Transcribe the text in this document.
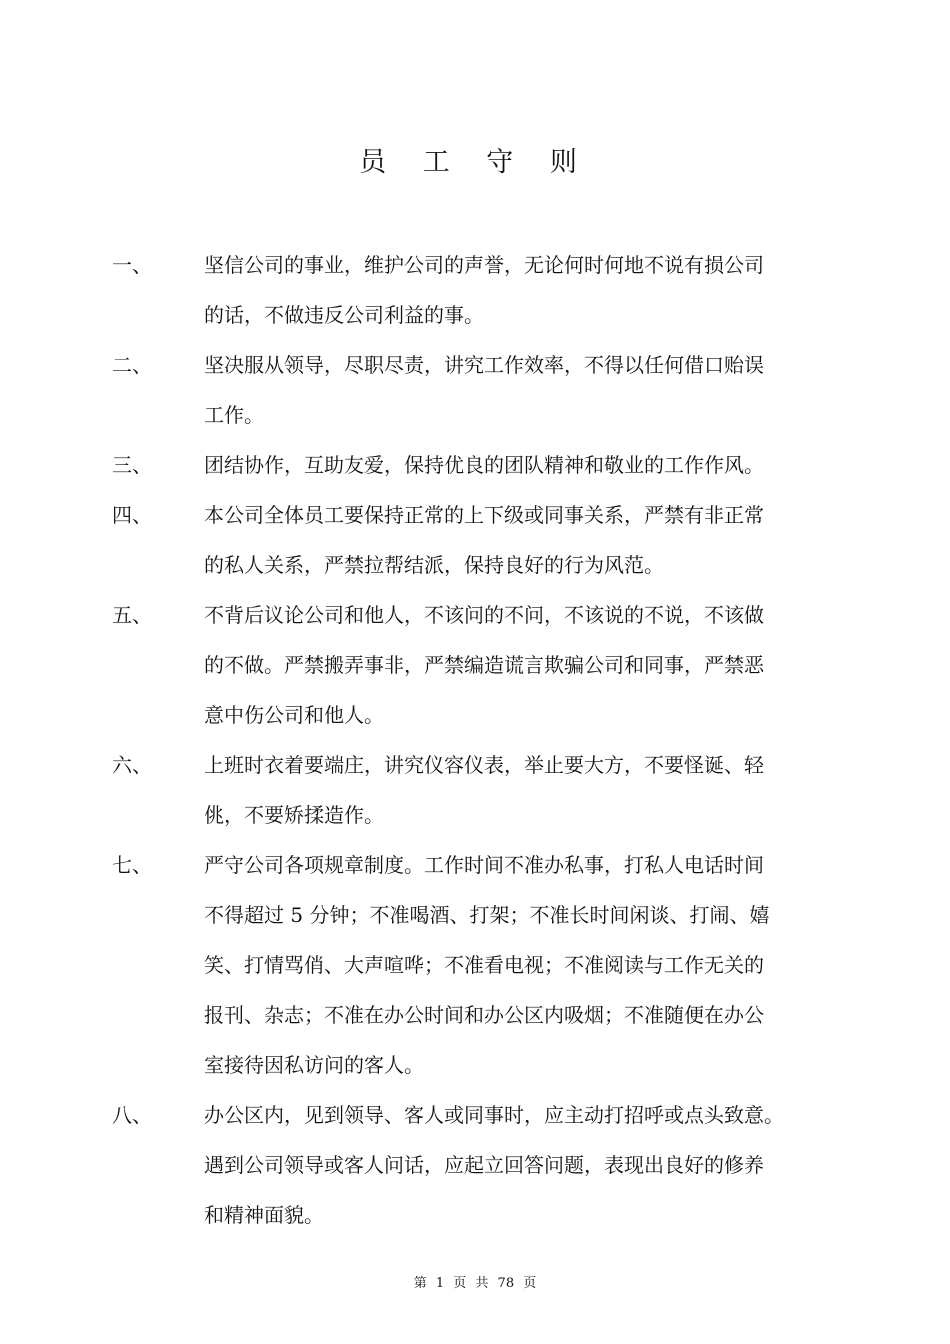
员 工 守 则
一、	坚信公司的事业，维护公司的声誉，无论何时何地不说有损公司
的话，不做违反公司利益的事。
二、	坚决服从领导，尽职尽责，讲究工作效率，不得以任何借口贻误
工作。
三、	团结协作，互助友爱，保持优良的团队精神和敬业的工作作风。
四、	本公司全体员工要保持正常的上下级或同事关系，严禁有非正常
的私人关系，严禁拉帮结派，保持良好的行为风范。
五、	不背后议论公司和他人，不该问的不问，不该说的不说，不该做
的不做。严禁搬弄事非，严禁编造谎言欺骗公司和同事，严禁恶
意中伤公司和他人。
六、	上班时衣着要端庄，讲究仪容仪表，举止要大方，不要怪诞、轻
佻，不要矫揉造作。
七、	严守公司各项规章制度。工作时间不准办私事，打私人电话时间
不得超过 5 分钟；不准喝酒、打架；不准长时间闲谈、打闹、嬉
笑、打情骂俏、大声喧哗；不准看电视；不准阅读与工作无关的
报刊、杂志；不准在办公时间和办公区内吸烟；不准随便在办公
室接待因私访问的客人。
八、	办公区内，见到领导、客人或同事时，应主动打招呼或点头致意。
遇到公司领导或客人问话，应起立回答问题，表现出良好的修养
和精神面貌。
第 1 页 共 78 页
